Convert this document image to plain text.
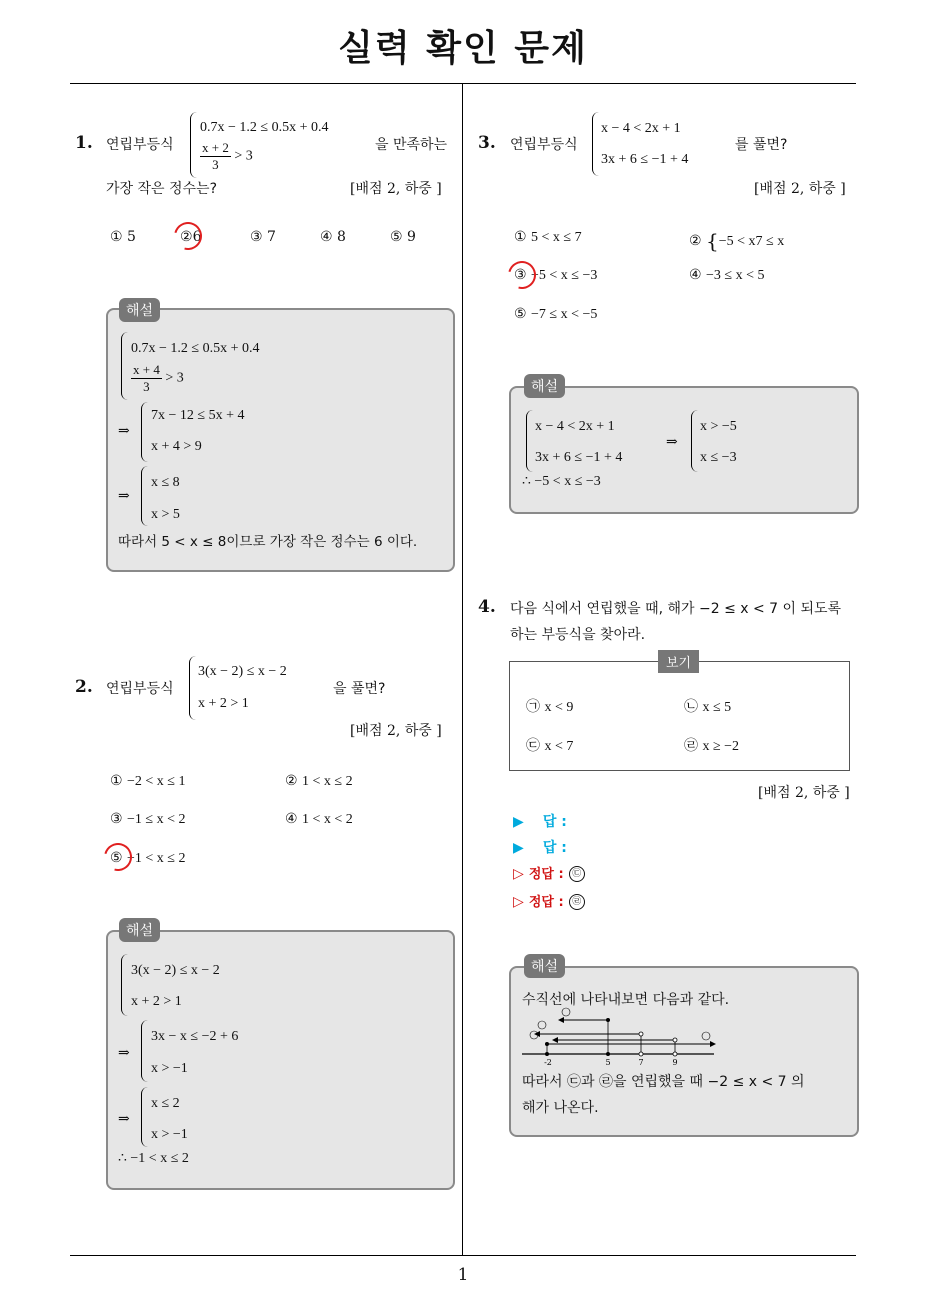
실력 확인 문제
1. 연립부등식
0.7x − 1.2 ≤ 0.5x + 0.4
$\frac{x + 2}{3} > 3$
을 만족하는
가장 작은 정수는?	[배점 2, 하중 ]
① 5	②6	③ 7	④ 8	⑤ 9
해설
0.7x − 1.2 ≤ 0.5x + 0.4
$\frac{x + 4}{3} > 3$
⇒
7x − 12 ≤ 5x + 4
x + 4 > 9
⇒
x ≤ 8
x > 5
따라서 5 < x ≤ 8이므로 가장 작은 정수는 6 이다.
2. 연립부등식
3(x − 2) ≤ x − 2
x + 2 > 1
을 풀면?
[배점 2, 하중 ]
① −2 < x ≤ 1	② 1 < x ≤ 2
③ −1 ≤ x < 2	④ 1 < x < 2
⑤ −1 < x ≤ 2
해설
3(x − 2) ≤ x − 2
x + 2 > 1
⇒
3x − x ≤ −2 + 6
x > −1
⇒
x ≤ 2
x > −1
∴ −1 < x ≤ 2
3. 연립부등식
x − 4 < 2x + 1
3x + 6 ≤ −1 + 4
를 풀면?
[배점 2, 하중 ]
① 5 < x ≤ 7	② {−5 < x7 ≤ x
③ −5 < x ≤ −3	④ −3 ≤ x < 5
⑤ −7 ≤ x < −5
해설
x − 4 < 2x + 1
3x + 6 ≤ −1 + 4
⇒
x > −5
x ≤ −3
∴ −5 < x ≤ −3
4. 다음 식에서 연립했을 때, 해가 −2 ≤ x < 7 이 되도록
하는 부등식을 찾아라.
보기
㉠ x < 9	㉡ x ≤ 5
㉢ x < 7	㉣ x ≥ −2
[배점 2, 하중 ]
▶ 답 :
▶ 답 :
▷ 정답 : ㉢
▷ 정답 : ㉣
해설
수직선에 나타내보면 다음과 같다.
-2	5	7	9
따라서 ㉢과 ㉣을 연립했을 때 −2 ≤ x < 7 의
해가 나온다.
1
